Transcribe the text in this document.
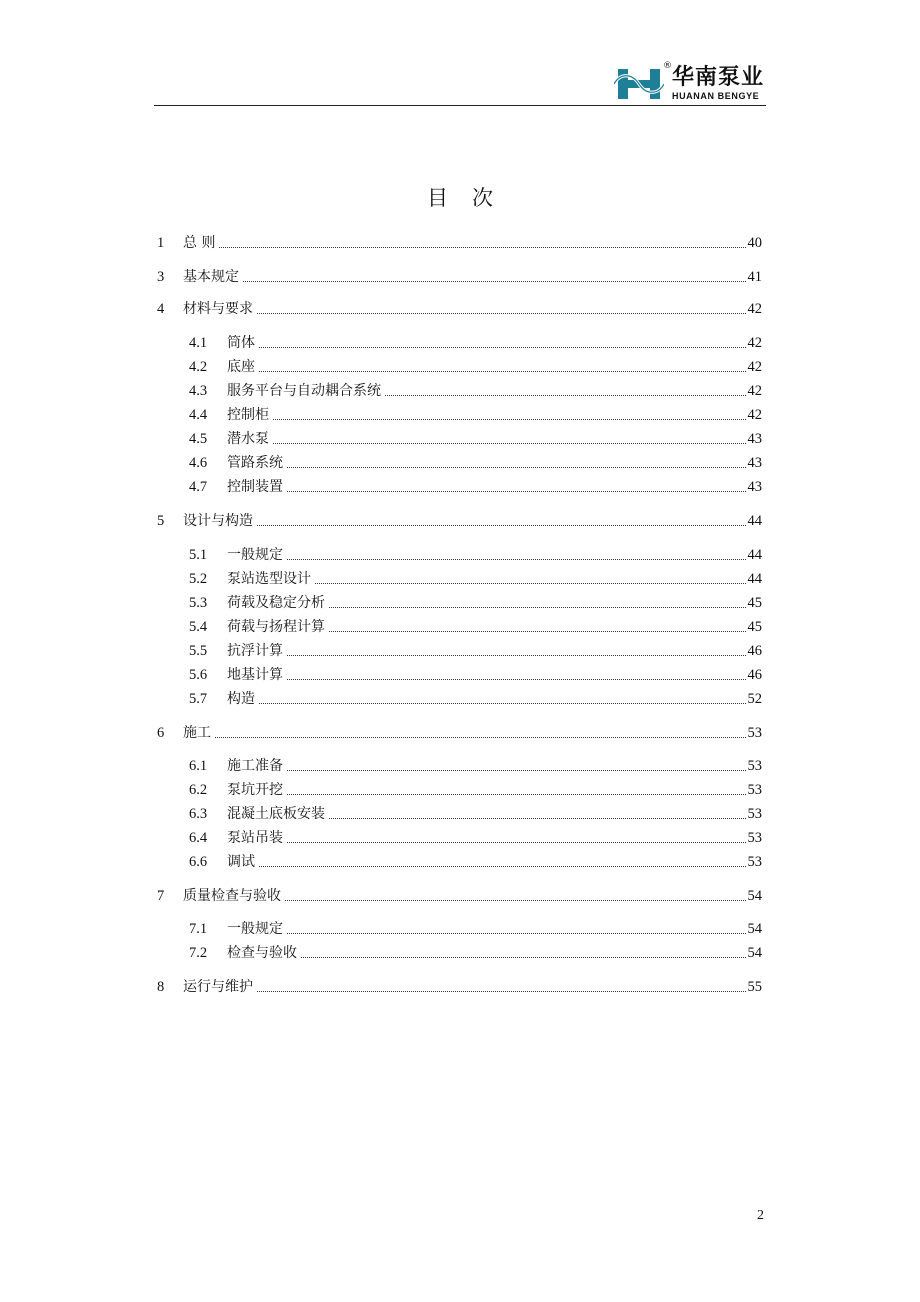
® 华南泵业
HUANAN BENGYE
目次
1 总 则	40
3 基本规定	41
4 材料与要求	42
4.1 筒体	42
4.2 底座	42
4.3 服务平台与自动耦合系统	42
4.4 控制柜	42
4.5 潜水泵	43
4.6 管路系统	43
4.7 控制装置	43
5 设计与构造	44
5.1 一般规定	44
5.2 泵站选型设计	44
5.3 荷载及稳定分析	45
5.4 荷载与扬程计算	45
5.5 抗浮计算	46
5.6 地基计算	46
5.7 构造	52
6 施工	53
6.1 施工准备	53
6.2 泵坑开挖	53
6.3 混凝土底板安装	53
6.4 泵站吊装	53
6.6 调试	53
7 质量检查与验收	54
7.1 一般规定	54
7.2 检查与验收	54
8 运行与维护	55
2
